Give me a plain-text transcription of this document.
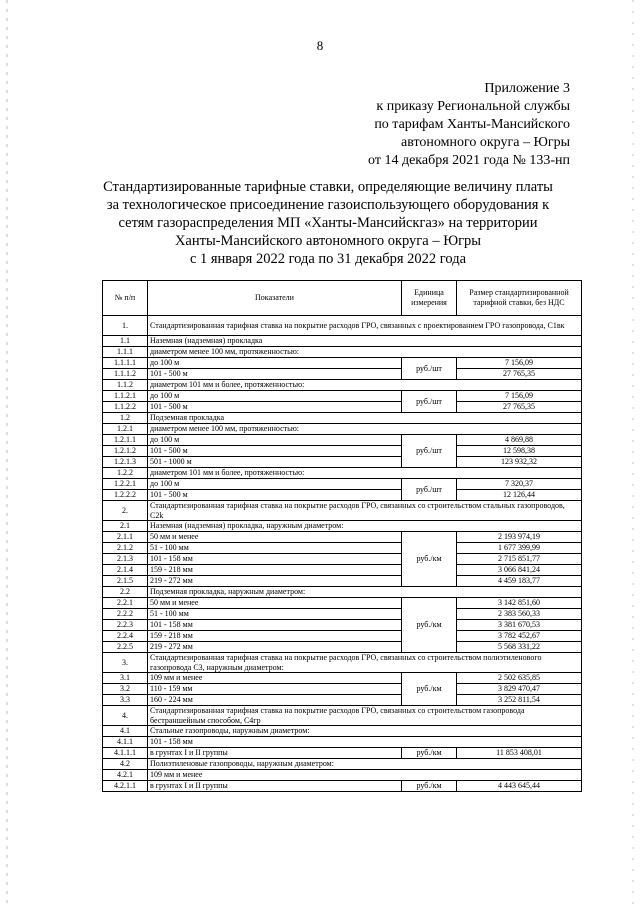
8
Приложение 3
к приказу Региональной службы
по тарифам Ханты-Мансийского
автономного округа – Югры
от 14 декабря 2021 года № 133-нп
Стандартизированные тарифные ставки, определяющие величину платы
за технологическое присоединение газоиспользующего оборудования к
сетям газораспределения МП «Ханты-Мансийскгаз» на территории
Ханты-Мансийского автономного округа – Югры
с 1 января 2022 года по 31 декабря 2022 года
№ п/п	Показатели	Единица измерения	Размер стандартизированной тарифной ставки, без НДС
1.	Стандартизированная тарифная ставка на покрытие расходов ГРО, связанных с проектированием ГРО газопровода, C1вк		
1.1	Наземная (надземная) прокладка		
1.1.1	диаметром менее 100 мм, протяженностью:		
1.1.1.1	до 100 м	руб./шт	7 156,09
1.1.1.2	101 - 500 м		27 765,35
1.1.2	диаметром 101 мм и более, протяженностью:		
1.1.2.1	до 100 м	руб./шт	7 156,09
1.1.2.2	101 - 500 м		27 765,35
1.2	Подземная прокладка		
1.2.1	диаметром менее 100 мм, протяженностью:		
1.2.1.1	до 100 м	руб./шт	4 869,88
1.2.1.2	101 - 500 м		12 598,38
1.2.1.3	501 - 1000 м		123 932,32
1.2.2	диаметром 101 мм и более, протяженностью:		
1.2.2.1	до 100 м	руб./шт	7 320,37
1.2.2.2	101 - 500 м		12 126,44
2.	Стандартизированная тарифная ставка на покрытие расходов ГРО, связанных со строительством стальных газопроводов, C2k		
2.1	Наземная (надземная) прокладка, наружным диаметром:		
2.1.1	50 мм и менее	руб./км	2 193 974,19
2.1.2	51 - 100 мм		1 677 399,99
2.1.3	101 - 158 мм		2 715 851,77
2.1.4	159 - 218 мм		3 066 841,24
2.1.5	219 - 272 мм		4 459 183,77
2.2	Подземная прокладка, наружным диаметром:		
2.2.1	50 мм и менее	руб./км	3 142 851,60
2.2.2	51 - 100 мм		2 383 560,33
2.2.3	101 - 158 мм		3 381 670,53
2.2.4	159 - 218 мм		3 782 452,67
2.2.5	219 - 272 мм		5 568 331,22
3.	Стандартизированная тарифная ставка на покрытие расходов ГРО, связанных со строительством полиэтиленового газопровода C3, наружным диаметром:		
3.1	109 мм и менее	руб./км	2 502 635,85
3.2	110 - 159 мм		3 829 470,47
3.3	160 - 224 мм		3 252 811,54
4.	Стандартизированная тарифная ставка на покрытие расходов ГРО, связанных со строительством газопровода бестраншейным способом, C4гр		
4.1	Стальные газопроводы, наружным диаметром:		
4.1.1	101 - 158 мм		
4.1.1.1	в грунтах I и II группы	руб./км	11 853 408,01
4.2	Полиэтиленовые газопроводы, наружным диаметром:		
4.2.1	109 мм и менее		
4.2.1.1	в грунтах I и II группы	руб./км	4 443 645,44
